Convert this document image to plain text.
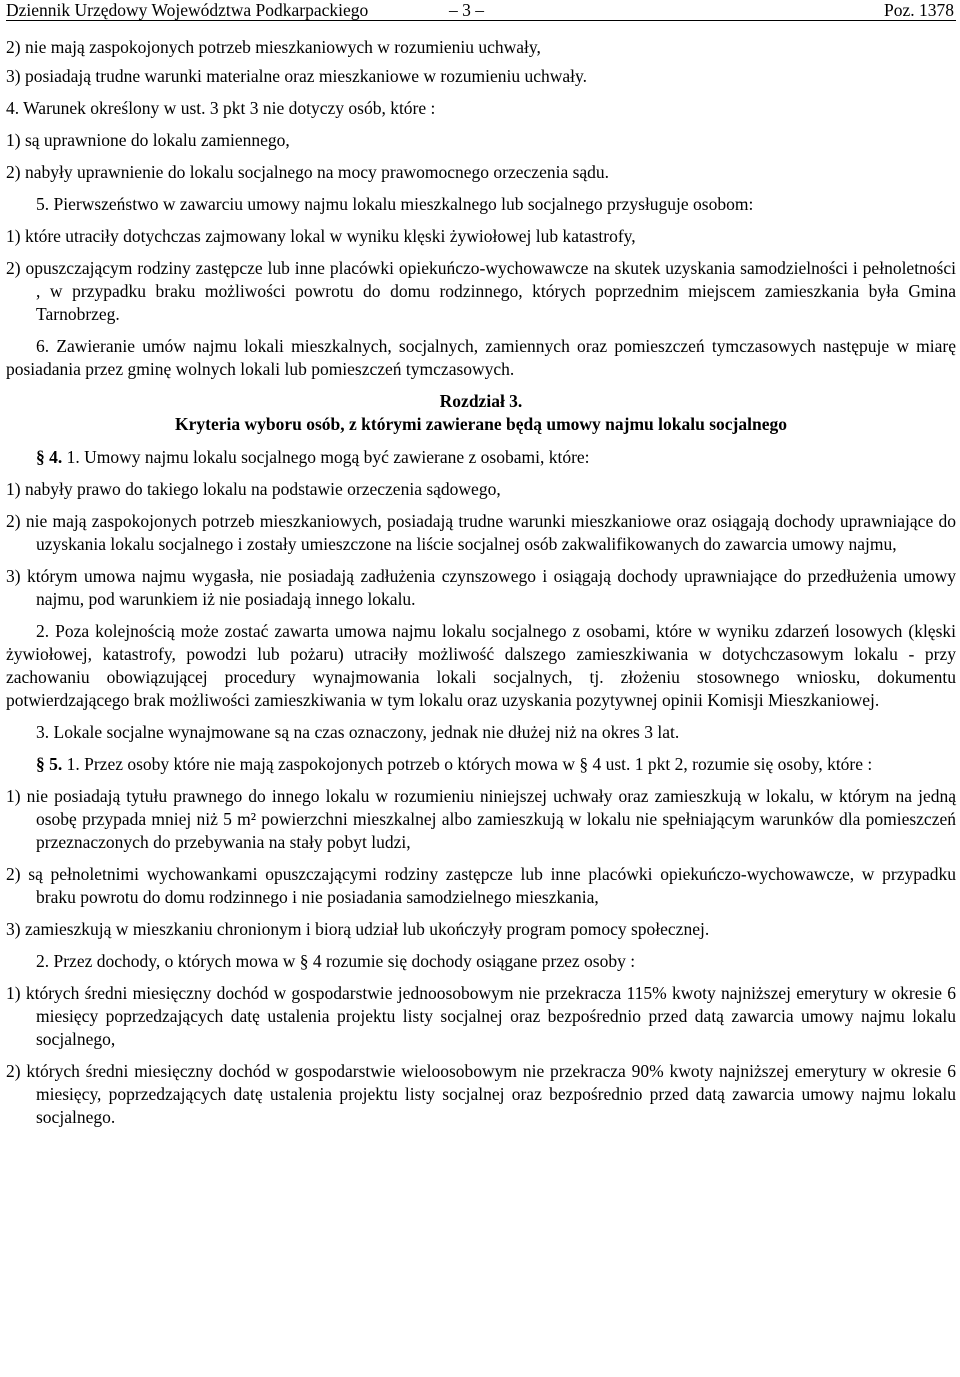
Dziennik Urzędowy Województwa Podkarpackiego	– 3 –	Poz. 1378

2) nie mają zaspokojonych potrzeb mieszkaniowych w rozumieniu uchwały,

3) posiadają trudne warunki materialne oraz mieszkaniowe w rozumieniu uchwały.

4. Warunek określony w ust. 3 pkt 3 nie dotyczy osób, które :

1) są uprawnione do lokalu zamiennego,

2) nabyły uprawnienie do lokalu socjalnego na mocy prawomocnego orzeczenia sądu.

5. Pierwszeństwo w zawarciu umowy najmu lokalu mieszkalnego lub socjalnego przysługuje osobom:

1) które utraciły dotychczas zajmowany lokal w wyniku klęski żywiołowej lub katastrofy,

2) opuszczającym rodziny zastępcze lub inne placówki opiekuńczo-wychowawcze na skutek uzyskania samodzielności i pełnoletności , w przypadku braku możliwości powrotu do domu rodzinnego, których poprzednim miejscem zamieszkania była Gmina Tarnobrzeg.

6. Zawieranie umów najmu lokali mieszkalnych, socjalnych, zamiennych oraz pomieszczeń tymczasowych następuje w miarę posiadania przez gminę wolnych lokali lub pomieszczeń tymczasowych.

Rozdział 3.

Kryteria wyboru osób, z którymi zawierane będą umowy najmu lokalu socjalnego

§ 4. 1. Umowy najmu lokalu socjalnego mogą być zawierane z osobami, które:

1) nabyły prawo do takiego lokalu na podstawie orzeczenia sądowego,

2) nie mają zaspokojonych potrzeb mieszkaniowych, posiadają trudne warunki mieszkaniowe oraz osiągają dochody uprawniające do uzyskania lokalu socjalnego i zostały umieszczone na liście socjalnej osób zakwalifikowanych do zawarcia umowy najmu,

3) którym umowa najmu wygasła, nie posiadają zadłużenia czynszowego i osiągają dochody uprawniające do przedłużenia umowy najmu, pod warunkiem iż nie posiadają innego lokalu.

2. Poza kolejnością może zostać zawarta umowa najmu lokalu socjalnego z osobami, które w wyniku zdarzeń losowych (klęski żywiołowej, katastrofy, powodzi lub pożaru) utraciły możliwość dalszego zamieszkiwania w dotychczasowym lokalu - przy zachowaniu obowiązującej procedury wynajmowania lokali socjalnych, tj. złożeniu stosownego wniosku, dokumentu potwierdzającego brak możliwości zamieszkiwania w tym lokalu oraz uzyskania pozytywnej opinii Komisji Mieszkaniowej.

3. Lokale socjalne wynajmowane są na czas oznaczony, jednak nie dłużej niż na okres 3 lat.

§ 5. 1. Przez osoby które nie mają zaspokojonych potrzeb o których mowa w § 4 ust. 1 pkt 2, rozumie się osoby, które :

1) nie posiadają tytułu prawnego do innego lokalu w rozumieniu niniejszej uchwały oraz zamieszkują w lokalu, w którym na jedną osobę przypada mniej niż 5 m² powierzchni mieszkalnej albo zamieszkują w lokalu nie spełniającym warunków dla pomieszczeń przeznaczonych do przebywania na stały pobyt ludzi,

2) są pełnoletnimi wychowankami opuszczającymi rodziny zastępcze lub inne placówki opiekuńczo-wychowawcze, w przypadku braku powrotu do domu rodzinnego i nie posiadania samodzielnego mieszkania,

3) zamieszkują w mieszkaniu chronionym i biorą udział lub ukończyły program pomocy społecznej.

2. Przez dochody, o których mowa w § 4 rozumie się dochody osiągane przez osoby :

1) których średni miesięczny dochód w gospodarstwie jednoosobowym nie przekracza 115% kwoty najniższej emerytury w okresie 6 miesięcy poprzedzających datę ustalenia projektu listy socjalnej oraz bezpośrednio przed datą zawarcia umowy najmu lokalu socjalnego,

2) których średni miesięczny dochód w gospodarstwie wieloosobowym nie przekracza 90% kwoty najniższej emerytury w okresie 6 miesięcy, poprzedzających datę ustalenia projektu listy socjalnej oraz bezpośrednio przed datą zawarcia umowy najmu lokalu socjalnego.
